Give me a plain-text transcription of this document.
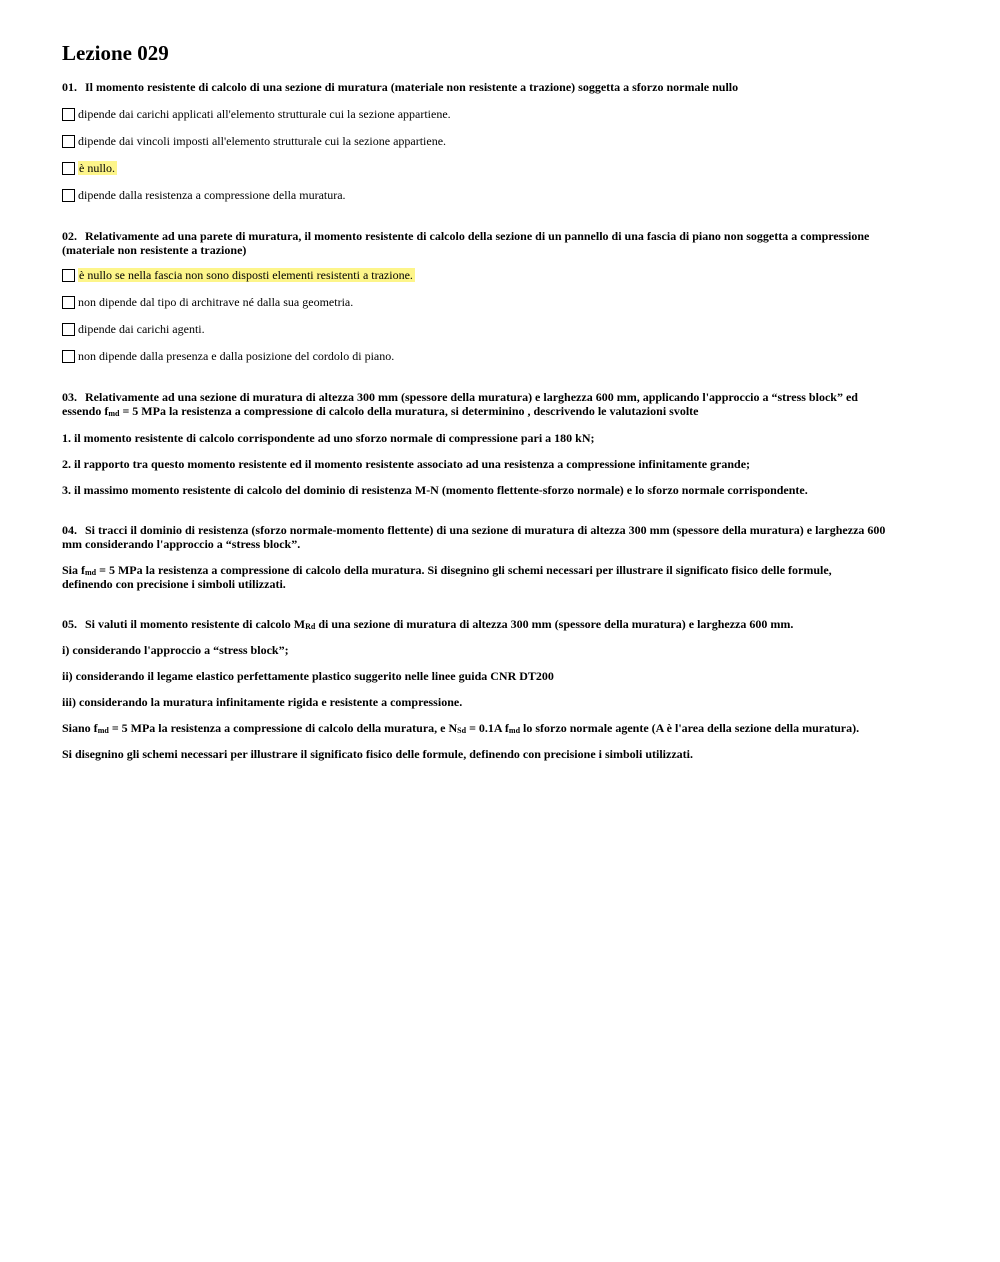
Lezione 029

01. Il momento resistente di calcolo di una sezione di muratura (materiale non resistente a trazione) soggetta a sforzo normale nullo

dipende dai carichi applicati all'elemento strutturale cui la sezione appartiene.
dipende dai vincoli imposti all'elemento strutturale cui la sezione appartiene.
è nullo.
dipende dalla resistenza a compressione della muratura.

02. Relativamente ad una parete di muratura, il momento resistente di calcolo della sezione di un pannello di una fascia di piano non soggetta a compressione
(materiale non resistente a trazione)

è nullo se nella fascia non sono disposti elementi resistenti a trazione.
non dipende dal tipo di architrave né dalla sua geometria.
dipende dai carichi agenti.
non dipende dalla presenza e dalla posizione del cordolo di piano.

03. Relativamente ad una sezione di muratura di altezza 300 mm (spessore della muratura) e larghezza 600 mm, applicando l'approccio a “stress block” ed
essendo $f_{md} = 5$ MPa la resistenza a compressione di calcolo della muratura, si determinino , descrivendo le valutazioni svolte

1. il momento resistente di calcolo corrispondente ad uno sforzo normale di compressione pari a 180 kN;

2. il rapporto tra questo momento resistente ed il momento resistente associato ad una resistenza a compressione infinitamente grande;

3. il massimo momento resistente di calcolo del dominio di resistenza M-N (momento flettente-sforzo normale) e lo sforzo normale corrispondente.

04. Si tracci il dominio di resistenza (sforzo normale-momento flettente) di una sezione di muratura di altezza 300 mm (spessore della muratura) e larghezza 600
mm considerando l'approccio a “stress block”.

Sia $f_{md} = 5$ MPa la resistenza a compressione di calcolo della muratura. Si disegnino gli schemi necessari per illustrare il significato fisico delle formule,
definendo con precisione i simboli utilizzati.

05. Si valuti il momento resistente di calcolo $M_{Rd}$ di una sezione di muratura di altezza 300 mm (spessore della muratura) e larghezza 600 mm.

i) considerando l'approccio a “stress block”;

ii) considerando il legame elastico perfettamente plastico suggerito nelle linee guida CNR DT200

iii) considerando la muratura infinitamente rigida e resistente a compressione.

Siano $f_{md} = 5$ MPa la resistenza a compressione di calcolo della muratura, e $N_{Sd} = 0.1A$ $f_{md}$ lo sforzo normale agente (A è l'area della sezione della muratura).

Si disegnino gli schemi necessari per illustrare il significato fisico delle formule, definendo con precisione i simboli utilizzati.
